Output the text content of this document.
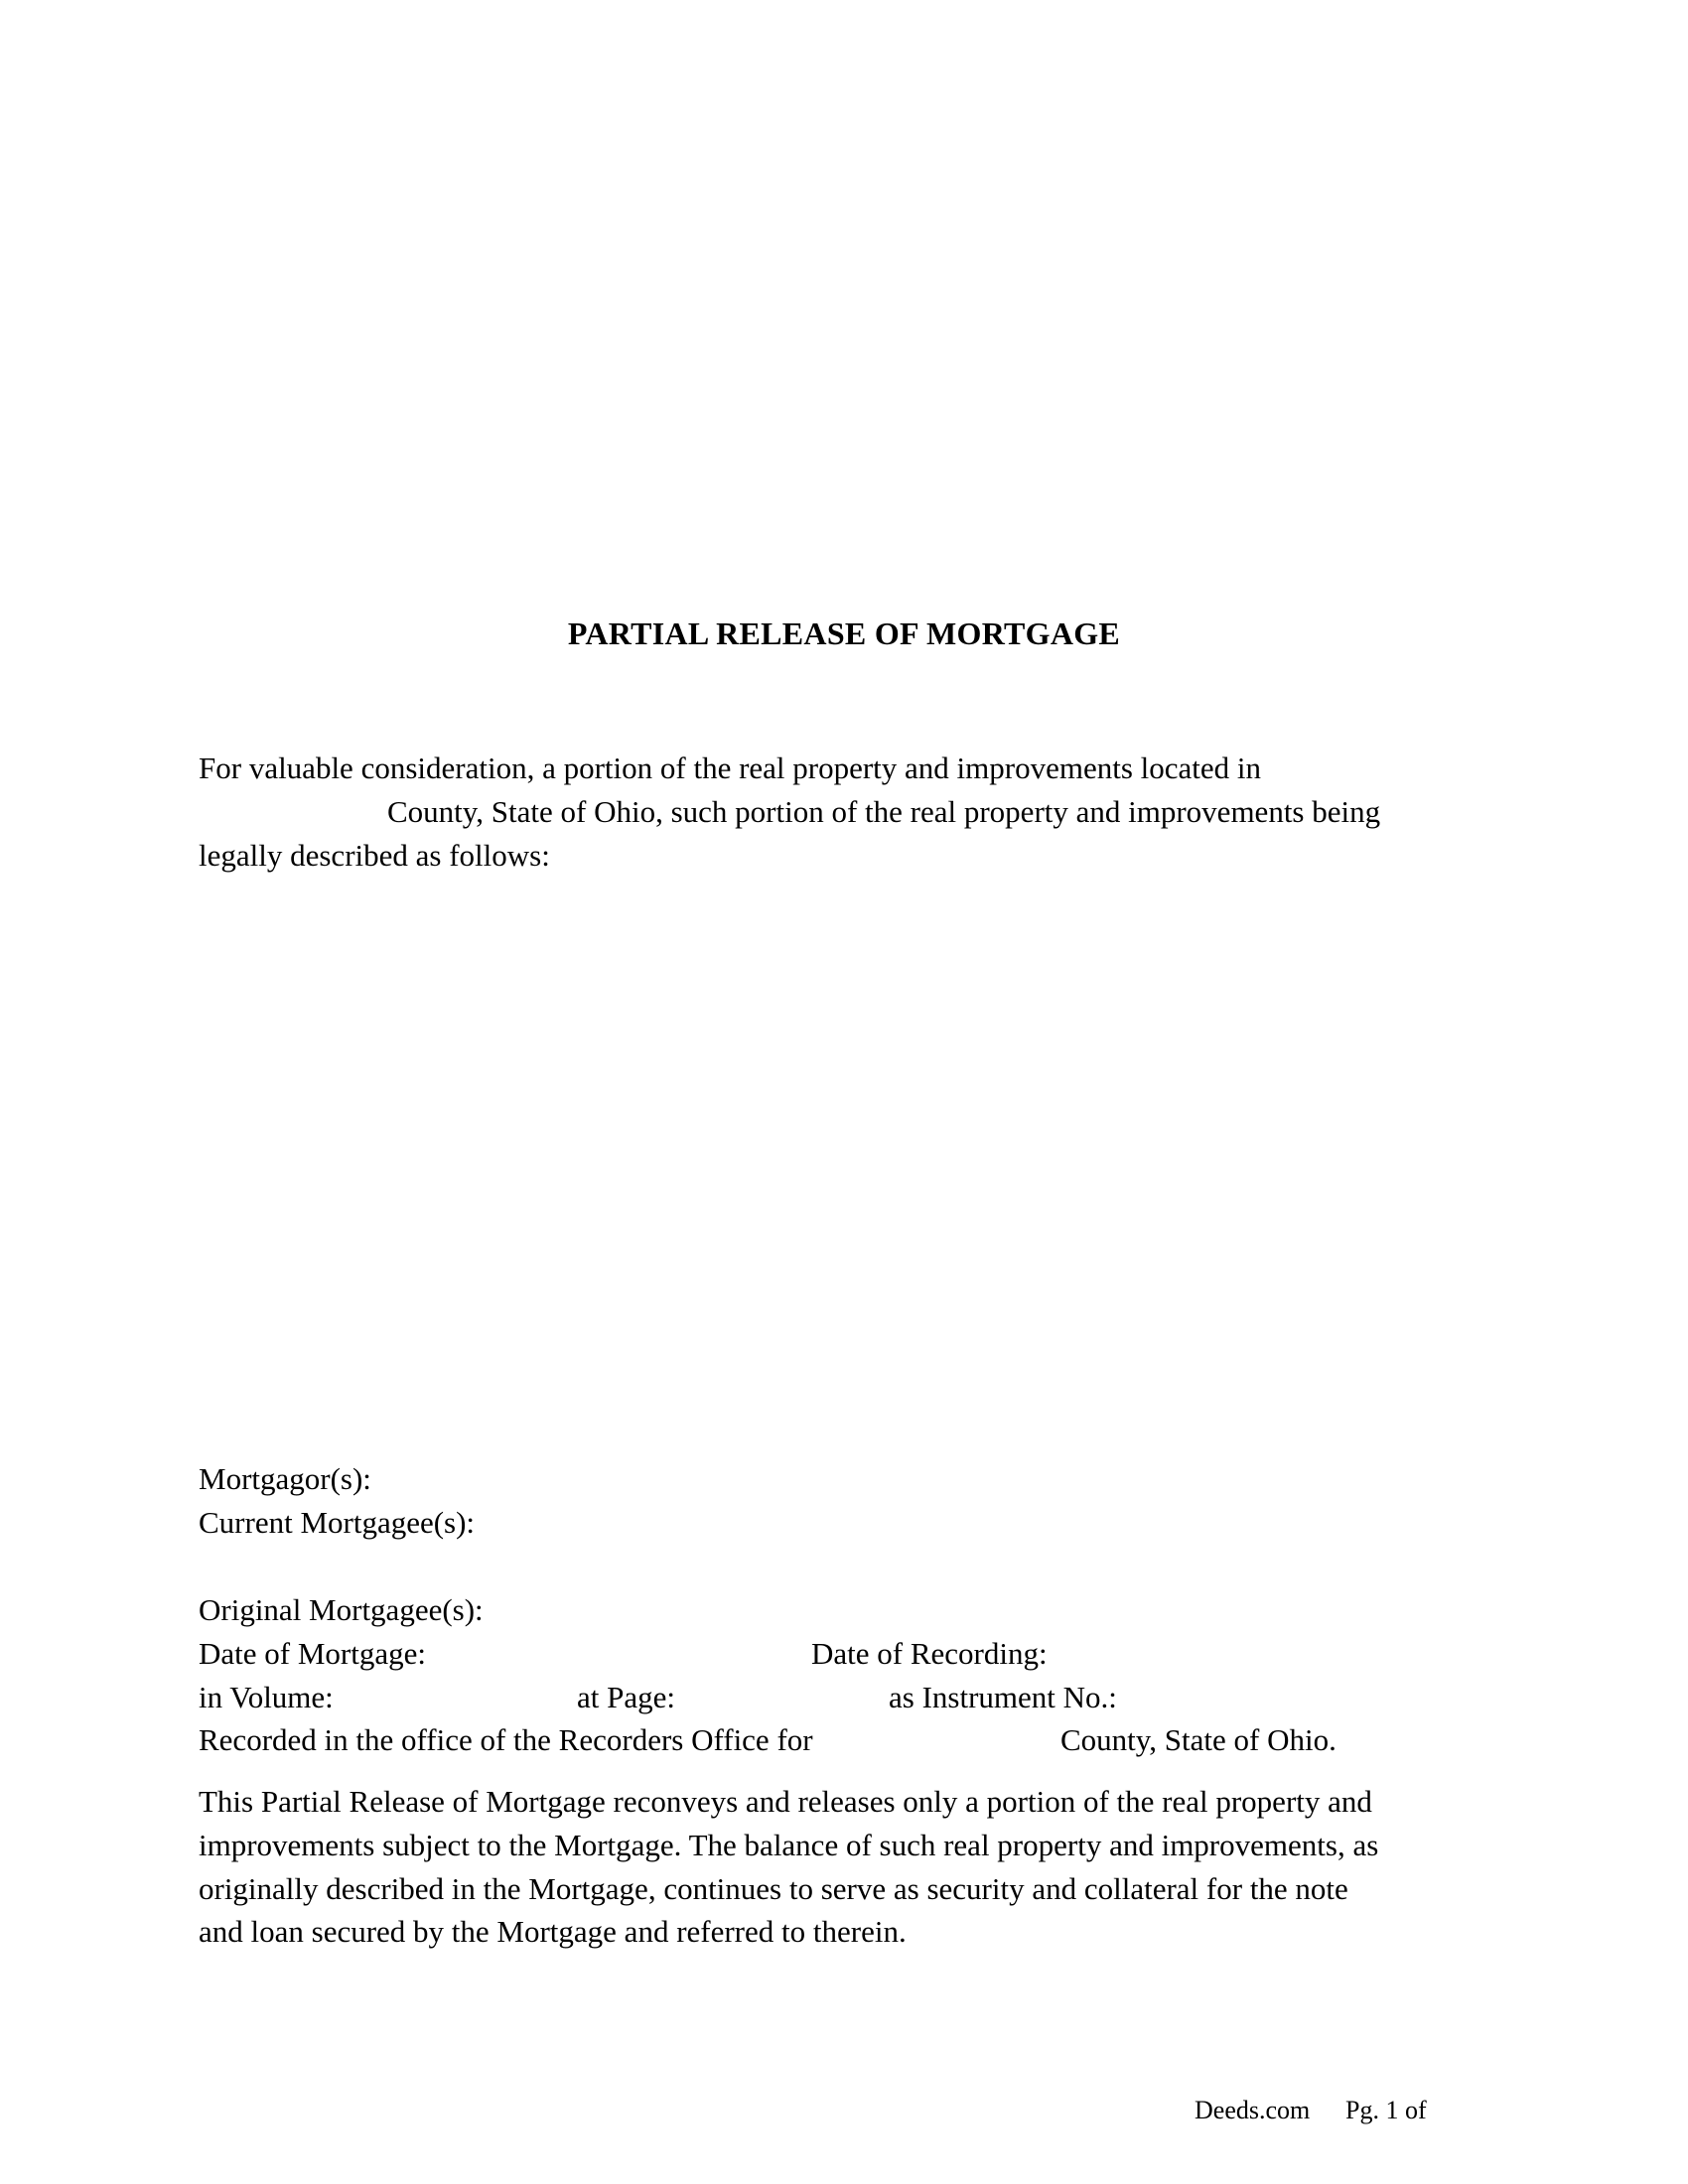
PARTIAL RELEASE OF MORTGAGE
For valuable consideration, a portion of the real property and improvements located in
County, State of Ohio, such portion of the real property and improvements being
legally described as follows:
Mortgagor(s):
Current Mortgagee(s):
Original Mortgagee(s):
Date of Mortgage:	Date of Recording:
in Volume:	at Page:	as Instrument No.:
Recorded in the office of the Recorders Office for	County, State of Ohio.
This Partial Release of Mortgage reconveys and releases only a portion of the real property and
improvements subject to the Mortgage. The balance of such real property and improvements, as
originally described in the Mortgage, continues to serve as security and collateral for the note
and loan secured by the Mortgage and referred to therein.
Deeds.com Pg. 1 of
